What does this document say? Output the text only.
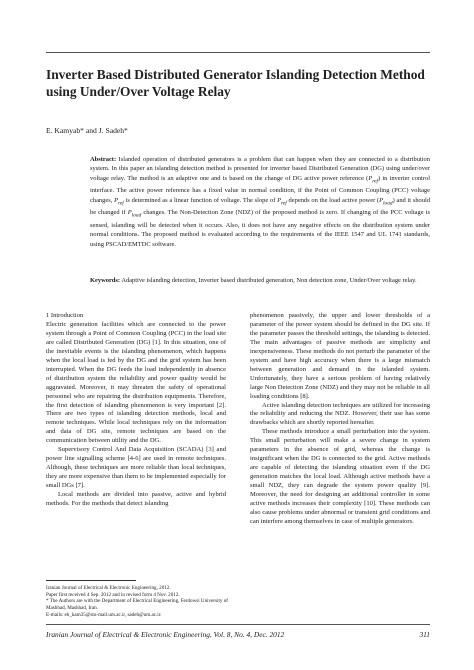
Inverter Based Distributed Generator Islanding Detection Method using Under/Over Voltage Relay
E. Kamyab* and J. Sadeh*
Abstract: Islanded operation of distributed generators is a problem that can happen when they are connected to a distribution system. In this paper an islanding detection method is presented for inverter based Distributed Generation (DG) using under/over voltage relay. The method is an adaptive one and is based on the change of DG active power reference $(P_{ref})$ in inverter control interface. The active power reference has a fixed value in normal condition, if the Point of Common Coupling (PCC) voltage changes, $P_{ref}$ is determined as a linear function of voltage. The slope of $P_{ref}$ depends on the load active power $(P_{load})$ and it should be changed if $P_{load}$ changes. The Non-Detection Zone (NDZ) of the proposed method is zero. If changing of the PCC voltage is sensed, islanding will be detected when it occurs. Also, it does not have any negative effects on the distribution system under normal conditions. The proposed method is evaluated according to the requirements of the IEEE 1547 and UL 1741 standards, using PSCAD/EMTDC software.
Keywords: Adaptive islanding detection, Inverter based distributed generation, Non detection zone, Under/Over voltage relay.

1 Introduction

Electric generation facilities which are connected to the power system through a Point of Common Coupling (PCC) in the load site are called Distributed Generation (DG) [1]. In this situation, one of the inevitable events is the islanding phenomenon, which happens when the local load is fed by the DG and the grid system has been interrupted. When the DG feeds the load independently in absence of distribution system the reliability and power quality would be aggravated. Moreover, it may threaten the safety of operational personnel who are repairing the distribution equipments. Therefore, the first detection of islanding phenomenon is very important [2]. There are two types of islanding detection methods, local and remote techniques. While local techniques rely on the information and data of DG site, remote techniques are based on the communication between utility and the DG.

Supervisory Control And Data Acquisition (SCADA) [3] and power line signalling scheme [4-6] are used in remote techniques. Although, these techniques are more reliable than local techniques, they are more expensive than them to be implemented especially for small DGs [7].

Local methods are divided into passive, active and hybrid methods. For the methods that detect islanding

Iranian Journal of Electrical & Electronic Engineering, 2012.
Paper first received 4 Sep. 2012 and in revised form 4 Nov. 2012.
* The Authors are with the Department of Electrical Engineering, Ferdowsi University of Mashhad, Mashhad, Iran.
E-mails: eh_kam35@stu-mail.um.ac.ir, sadeh@um.ac.ir.

phenomenon passively, the upper and lower thresholds of a parameter of the power system should be defined in the DG site. If the parameter passes the threshold settings, the islanding is detected. The main advantages of passive methods are simplicity and inexpensiveness. These methods do not perturb the parameter of the system and have high accuracy when there is a large mismatch between generation and demand in the islanded system. Unfortunately, they have a serious problem of having relatively large Non Detection Zone (NDZ) and they may not be reliable in all loading conditions [8].

Active islanding detection techniques are utilized for increasing the reliability and reducing the NDZ. However, their use has some drawbacks which are shortly reported hereafter.

These methods introduce a small perturbation into the system. This small perturbation will make a severe change in system parameters in the absence of grid, whereas the change is insignificant when the DG is connected to the grid. Active methods are capable of detecting the islanding situation even if the DG generation matches the local load. Although active methods have a small NDZ, they can degrade the system power quality [9]. Moreover, the need for designing an additional controller in some active methods increases their complexity [10]. These methods can also cause problems under abnormal or transient grid conditions and can interfere among themselves in case of multiple generators.

Iranian Journal of Electrical & Electronic Engineering, Vol. 8, No. 4, Dec. 2012	311
